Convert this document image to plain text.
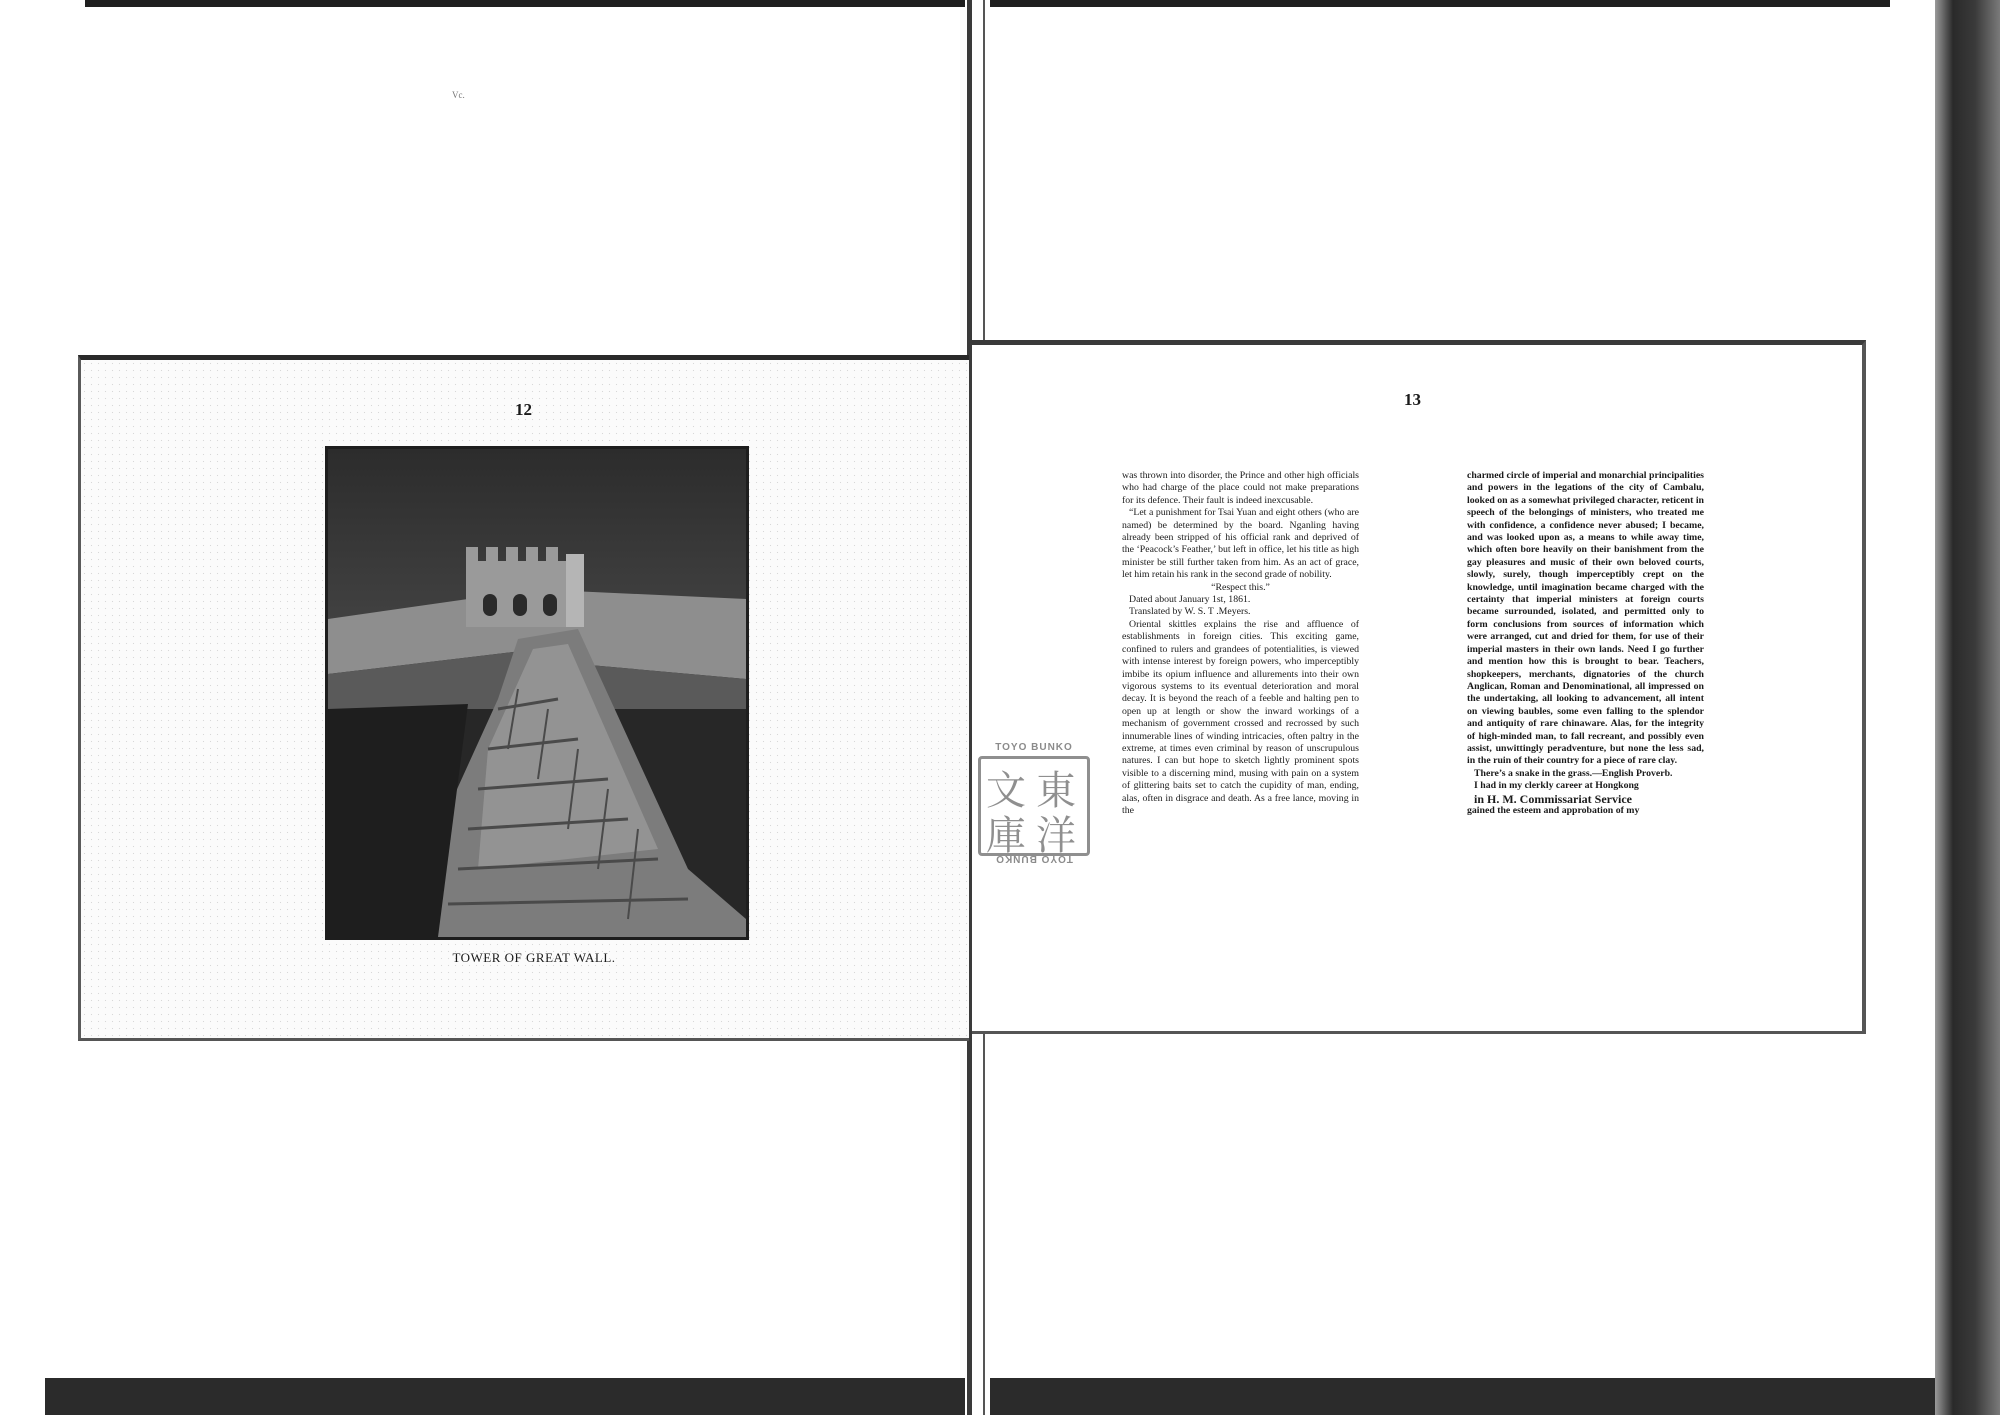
Vc.
12
TOWER OF GREAT WALL.
13

was thrown into disorder, the Prince and other high officials who had charge of the place could not make preparations for its defence. Their fault is indeed inexcusable.

“Let a punishment for Tsai Yuan and eight others (who are named) be determined by the board. Nganling having already been stripped of his official rank and deprived of the ‘Peacock’s Feather,’ but left in office, let his title as high minister be still further taken from him. As an act of grace, let him retain his rank in the second grade of nobility.

“Respect this.”

Dated about January 1st, 1861.

Translated by W. S. T .Meyers.

Oriental skittles explains the rise and affluence of establishments in foreign cities. This exciting game, confined to rulers and grandees of potentialities, is viewed with intense interest by foreign powers, who imperceptibly imbibe its opium influence and allurements into their own vigorous systems to its eventual deterioration and moral decay. It is beyond the reach of a feeble and halting pen to open up at length or show the inward workings of a mechanism of government crossed and recrossed by such innumerable lines of winding intricacies, often paltry in the extreme, at times even criminal by reason of unscrupulous natures. I can but hope to sketch lightly prominent spots visible to a discerning mind, musing with pain on a system of glittering baits set to catch the cupidity of man, ending, alas, often in disgrace and death. As a free lance, moving in the

charmed circle of imperial and monarchial principalities and powers in the legations of the city of Cambalu, looked on as a somewhat privileged character, reticent in speech of the belongings of ministers, who treated me with confidence, a confidence never abused; I became, and was looked upon as, a means to while away time, which often bore heavily on their banishment from the gay pleasures and music of their own beloved courts, slowly, surely, though imperceptibly crept on the knowledge, until imagination became charged with the certainty that imperial ministers at foreign courts became surrounded, isolated, and permitted only to form conclusions from sources of information which were arranged, cut and dried for them, for use of their imperial masters in their own lands. Need I go further and mention how this is brought to bear. Teachers, shopkeepers, merchants, dignatories of the church Anglican, Roman and Denominational, all impressed on the undertaking, all looking to advancement, all intent on viewing baubles, some even falling to the splendor and antiquity of rare chinaware. Alas, for the integrity of high-minded man, to fall recreant, and possibly even assist, unwittingly peradventure, but none the less sad, in the ruin of their country for a piece of rare clay.

There’s a snake in the grass.—English Proverb.

I had in my clerkly career at Hongkong

in H. M. Commissariat Service

gained the esteem and approbation of my

TOYO BUNKO
東
洋
文
庫
TOYO BUNKO
